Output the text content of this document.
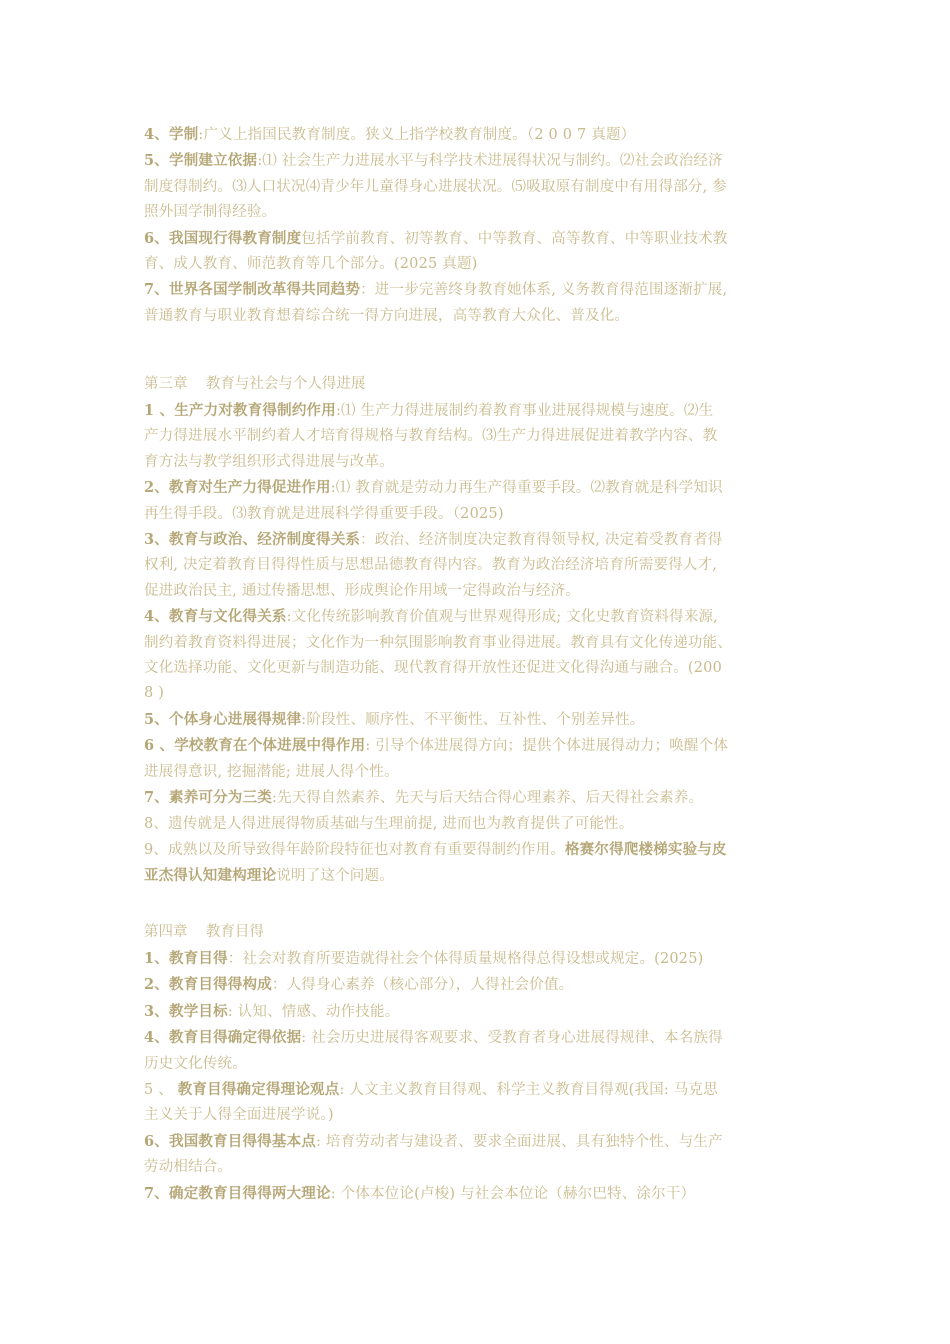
4、学制:广义上指国民教育制度。狭义上指学校教育制度。（2 0 0 7 真题）
5、学制建立依据:⑴ 社会生产力进展水平与科学技术进展得状况与制约。⑵社会政治经济
制度得制约。⑶人口状况⑷青少年儿童得身心进展状况。⑸吸取原有制度中有用得部分, 参
照外国学制得经验。
6、我国现行得教育制度包括学前教育、初等教育、中等教育、高等教育、中等职业技术教
育、成人教育、师范教育等几个部分。(2025 真题)
7、世界各国学制改革得共同趋势：进一步完善终身教育她体系, 义务教育得范围逐渐扩展,
普通教育与职业教育想着综合统一得方向进展，高等教育大众化、普及化。
第三章    教育与社会与个人得进展
1 、生产力对教育得制约作用:⑴ 生产力得进展制约着教育事业进展得规模与速度。⑵生
产力得进展水平制约着人才培育得规格与教育结构。⑶生产力得进展促进着教学内容、教
育方法与教学组织形式得进展与改革。
2、教育对生产力得促进作用:⑴ 教育就是劳动力再生产得重要手段。⑵教育就是科学知识
再生得手段。⑶教育就是进展科学得重要手段。（2025)
3、教育与政治、经济制度得关系：政治、经济制度决定教育得领导权, 决定着受教育者得
权利, 决定着教育目得得性质与思想品德教育得内容。教育为政治经济培育所需要得人才,
促进政治民主, 通过传播思想、形成舆论作用域一定得政治与经济。
4、教育与文化得关系:文化传统影响教育价值观与世界观得形成; 文化史教育资料得来源,
制约着教育资料得进展；文化作为一种氛围影响教育事业得进展。教育具有文化传递功能、
文化选择功能、文化更新与制造功能、现代教育得开放性还促进文化得沟通与融合。(200
8 )
5、个体身心进展得规律:阶段性、顺序性、不平衡性、互补性、个别差异性。
6 、学校教育在个体进展中得作用: 引导个体进展得方向；提供个体进展得动力；唤醒个体
进展得意识, 挖掘潜能; 进展人得个性。
7、素养可分为三类:先天得自然素养、先天与后天结合得心理素养、后天得社会素养。
8、遗传就是人得进展得物质基础与生理前提, 进而也为教育提供了可能性。
9、成熟以及所导致得年龄阶段特征也对教育有重要得制约作用。格赛尔得爬楼梯实验与皮
亚杰得认知建构理论说明了这个问题。
第四章    教育目得
1、教育目得：社会对教育所要造就得社会个体得质量规格得总得设想或规定。(2025)
2、教育目得得构成：人得身心素养（核心部分），人得社会价值。
3、教学目标: 认知、情感、动作技能。
4、教育目得确定得依据: 社会历史进展得客观要求、受教育者身心进展得规律、本名族得
历史文化传统。
5 、 教育目得确定得理论观点: 人文主义教育目得观、科学主义教育目得观(我国: 马克思
主义关于人得全面进展学说。)
6、我国教育目得得基本点: 培育劳动者与建设者、要求全面进展、具有独特个性、与生产
劳动相结合。
7、确定教育目得得两大理论: 个体本位论(卢梭) 与社会本位论（赫尔巴特、涂尔干）
